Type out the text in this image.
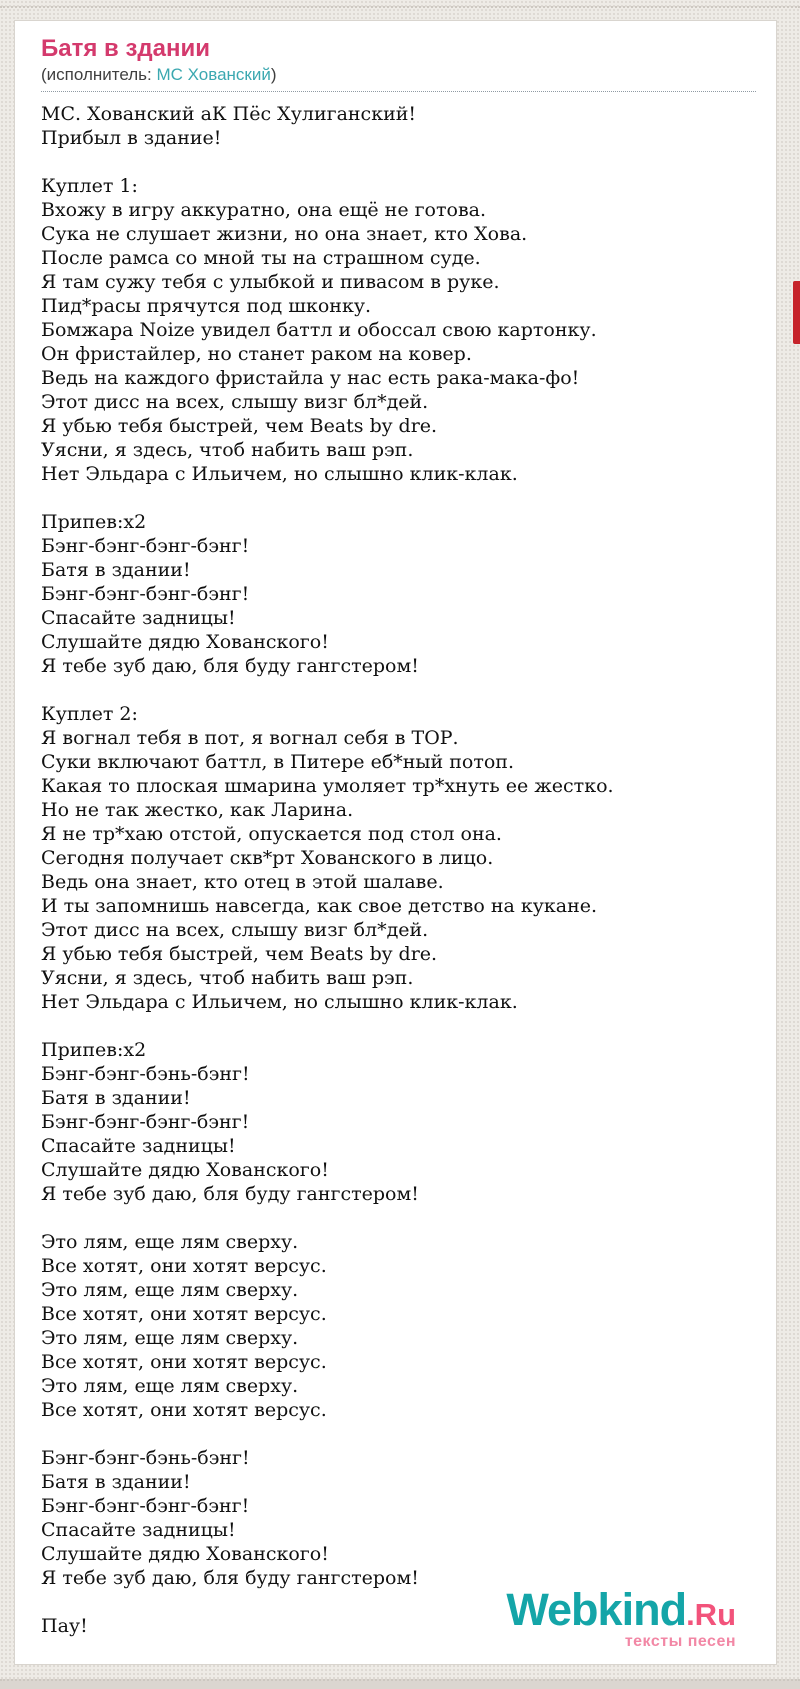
Батя в здании
(исполнитель: МС Хованский)

МС. Хованский аК Пёс Хулиганский!
Прибыл в здание!

Куплет 1:
Вхожу в игру аккуратно, она ещё не готова.
Сука не слушает жизни, но она знает, кто Хова.
После рамса со мной ты на страшном суде.
Я там сужу тебя с улыбкой и пивасом в руке.
Пид*расы прячутся под шконку.
Бомжара Noize увидел баттл и обоссал свою картонку.
Он фристайлер, но станет раком на ковер.
Ведь на каждого фристайла у нас есть рака-мака-фо!
Этот дисс на всех, слышу визг бл*дей.
Я убью тебя быстрей, чем Beats by dre.
Уясни, я здесь, чтоб набить ваш рэп.
Нет Эльдара с Ильичем, но слышно клик-клак.

Припев:х2
Бэнг-бэнг-бэнг-бэнг!
Батя в здании!
Бэнг-бэнг-бэнг-бэнг!
Спасайте задницы!
Слушайте дядю Хованского!
Я тебе зуб даю, бля буду гангстером!

Куплет 2:
Я вогнал тебя в пот, я вогнал себя в ТОР.
Суки включают баттл, в Питере еб*ный потоп.
Какая то плоская шмарина умоляет тр*хнуть ее жестко.
Но не так жестко, как Ларина.
Я не тр*хаю отстой, опускается под стол она.
Сегодня получает скв*рт Хованского в лицо.
Ведь она знает, кто отец в этой шалаве.
И ты запомнишь навсегда, как свое детство на кукане.
Этот дисс на всех, слышу визг бл*дей.
Я убью тебя быстрей, чем Beats by dre.
Уясни, я здесь, чтоб набить ваш рэп.
Нет Эльдара с Ильичем, но слышно клик-клак.

Припев:х2
Бэнг-бэнг-бэнь-бэнг!
Батя в здании!
Бэнг-бэнг-бэнг-бэнг!
Спасайте задницы!
Слушайте дядю Хованского!
Я тебе зуб даю, бля буду гангстером!

Это лям, еще лям сверху.
Все хотят, они хотят версус.
Это лям, еще лям сверху.
Все хотят, они хотят версус.
Это лям, еще лям сверху.
Все хотят, они хотят версус.
Это лям, еще лям сверху.
Все хотят, они хотят версус.

Бэнг-бэнг-бэнь-бэнг!
Батя в здании!
Бэнг-бэнг-бэнг-бэнг!
Спасайте задницы!
Слушайте дядю Хованского!
Я тебе зуб даю, бля буду гангстером!

Пау!	Webkind.Ru
тексты песен
